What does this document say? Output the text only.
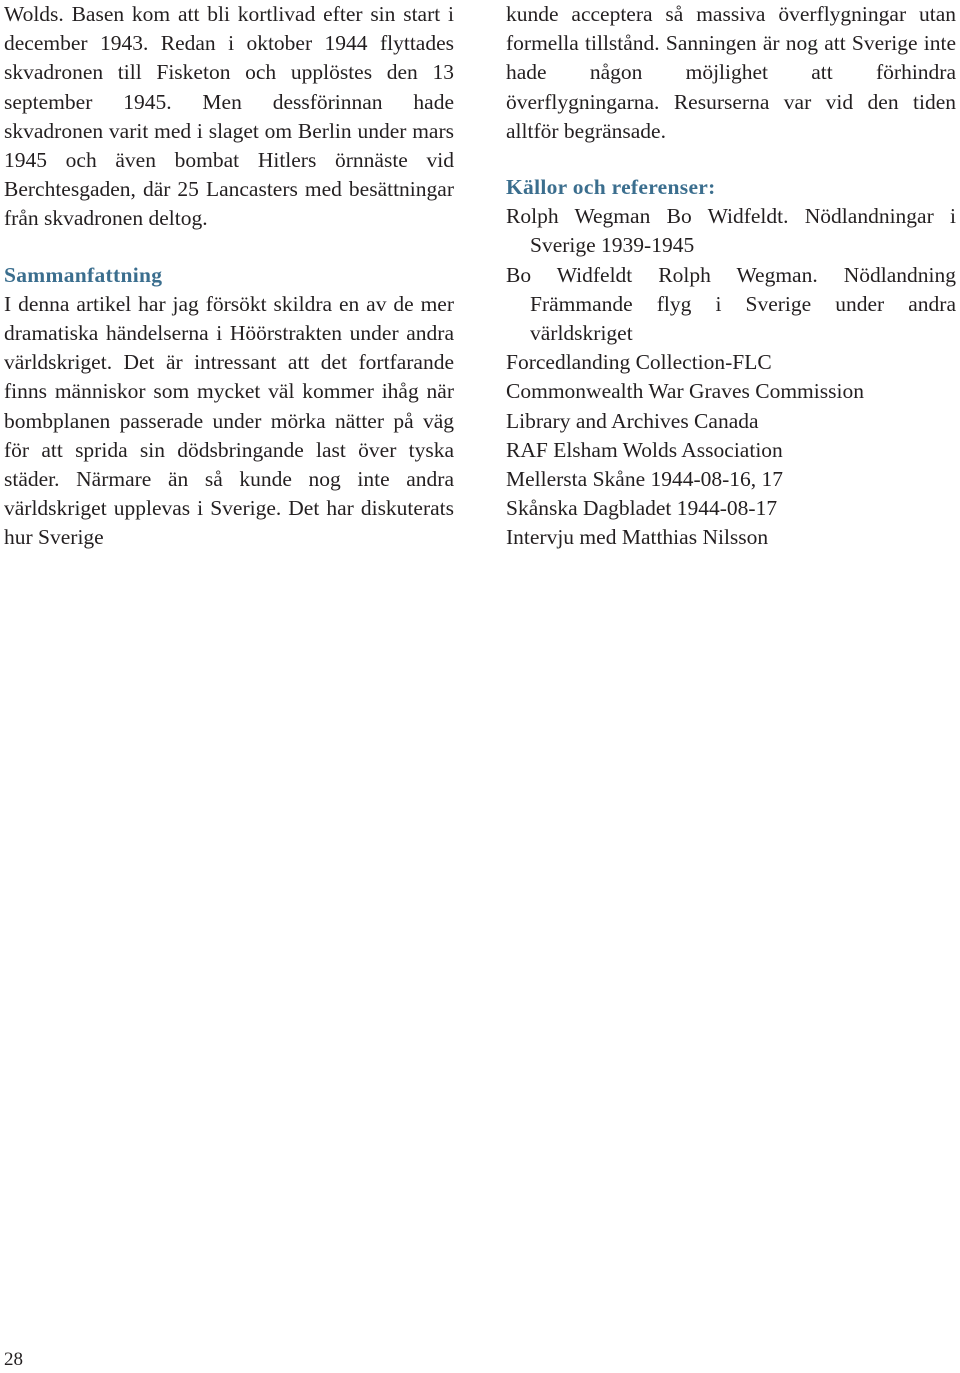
Wolds. Basen kom att bli kortlivad efter sin start i december 1943. Redan i oktober 1944 flyttades skvadronen till Fisketon och upplöstes den 13 september 1945. Men dessförinnan hade skvadronen varit med i slaget om Berlin under mars 1945 och även bombat Hitlers örnnäste vid Berchtesgaden, där 25 Lancasters med besättningar från skvadronen deltog.

Sammanfattning

I denna artikel har jag försökt skildra en av de mer dramatiska händelserna i Höörstrakten under andra världskriget. Det är intressant att det fortfarande finns människor som mycket väl kommer ihåg när bombplanen passerade under mörka nätter på väg för att sprida sin dödsbringande last över tyska städer. Närmare än så kunde nog inte andra världskriget upplevas i Sverige. Det har diskuterats hur Sverige

kunde acceptera så massiva överflygningar utan formella tillstånd. Sanningen är nog att Sverige inte hade någon möjlighet att förhindra överflygningarna. Resurserna var vid den tiden alltför begränsade.

Källor och referenser:
Rolph Wegman Bo Widfeldt. Nödlandningar i Sverige 1939-1945
Bo Widfeldt Rolph Wegman. Nödlandning Främmande flyg i Sverige under andra världskriget
Forcedlanding Collection-FLC
Commonwealth War Graves Commission
Library and Archives Canada
RAF Elsham Wolds Association
Mellersta Skåne 1944-08-16, 17
Skånska Dagbladet 1944-08-17
Intervju med Matthias Nilsson
28
